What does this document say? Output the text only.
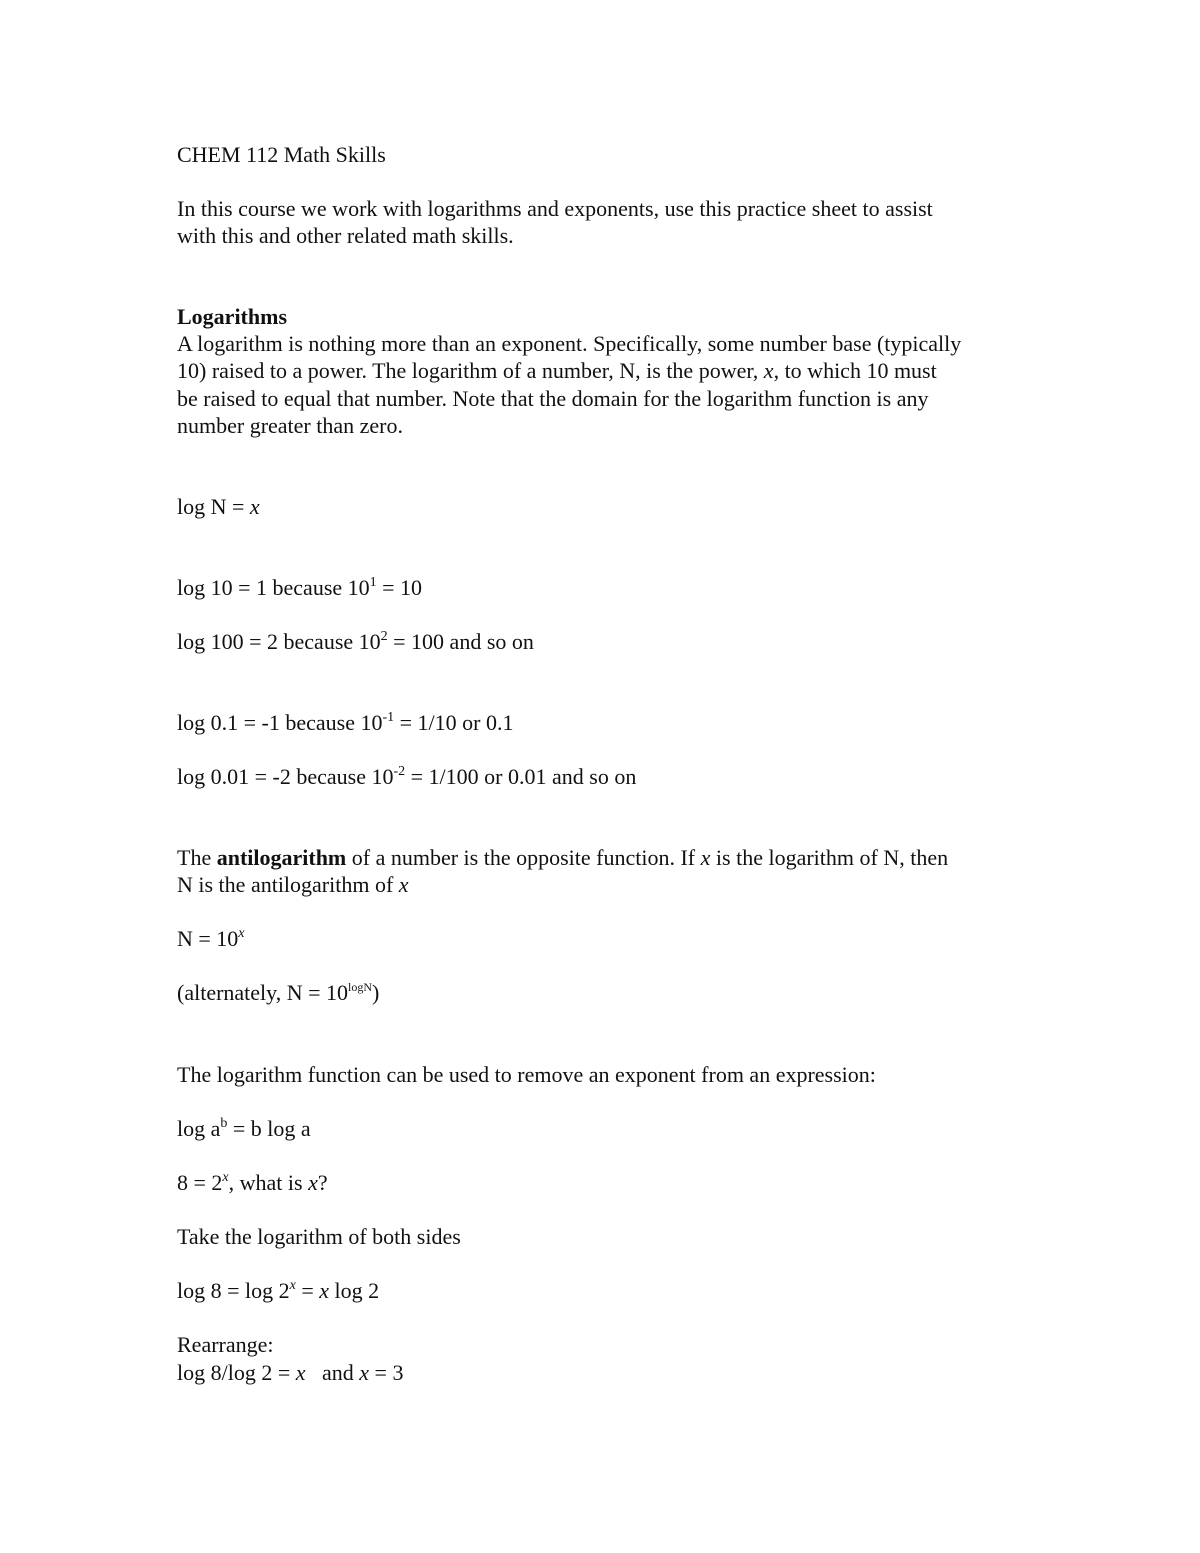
CHEM 112 Math Skills
In this course we work with logarithms and exponents, use this practice sheet to assist
with this and other related math skills.
Logarithms
A logarithm is nothing more than an exponent. Specifically, some number base (typically
10) raised to a power. The logarithm of a number, N, is the power, x, to which 10 must
be raised to equal that number. Note that the domain for the logarithm function is any
number greater than zero.
log N = x
log 10 = 1 because $10^1 = 10$
log 100 = 2 because $10^2 = 100$ and so on
log 0.1 = -1 because $10^{-1} = 1/10$ or 0.1
log 0.01 = -2 because $10^{-2} = 1/100$ or 0.01 and so on
The antilogarithm of a number is the opposite function. If x is the logarithm of N, then
N is the antilogarithm of x
$N = 10^x$
(alternately, $N = 10^{logN}$)
The logarithm function can be used to remove an exponent from an expression:
$\log a^b = b$ log a
$8 = 2^x$, what is x?
Take the logarithm of both sides
$\log 8 = \log 2^x = x$ log 2
Rearrange:
log 8/log 2 = x   and x = 3
